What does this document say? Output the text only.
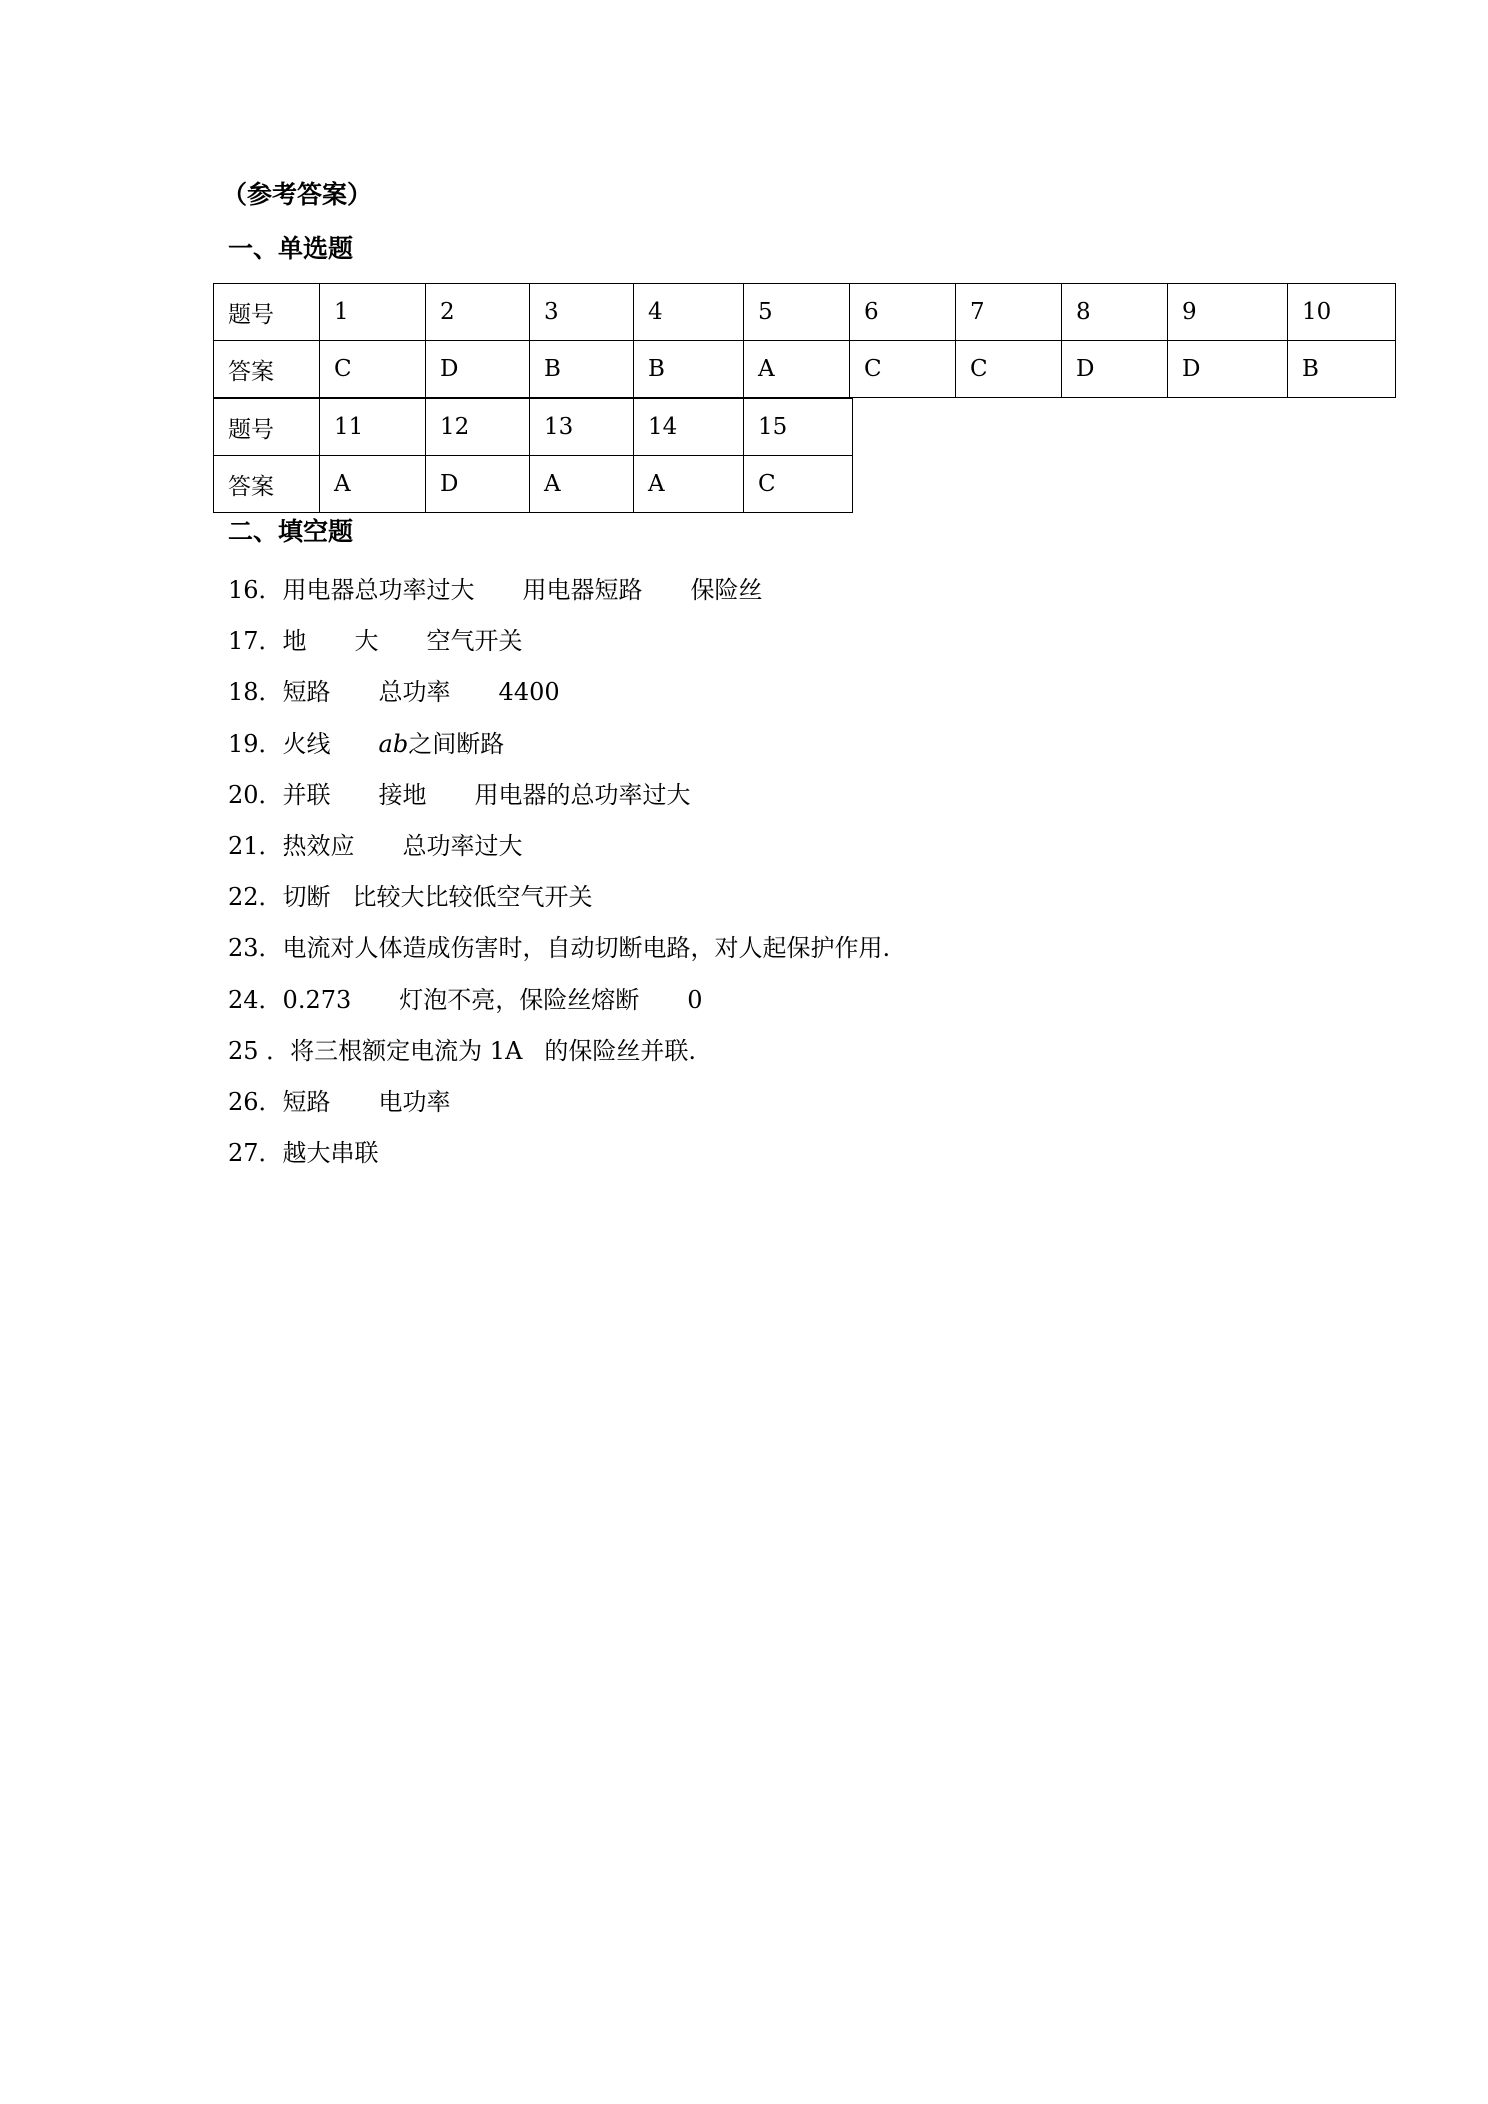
（参考答案）
一、单选题
题号	1	2	3	4	5	6	7	8	9	10
答案	C	D	B	B	A	C	C	D	D	B
题号	11	12	13	14	15
答案	A	D	A	A	C
二、填空题
16．用电器总功率过大 用电器短路 保险丝
17．地 大 空气开关
18．短路 总功率 4400
19．火线 ab之间断路
20．并联 接地 用电器的总功率过大
21．热效应 总功率过大
22．切断 比较大比较低空气开关
23．电流对人体造成伤害时，自动切断电路，对人起保护作用.
24．0.273 灯泡不亮，保险丝熔断 0
25 ．将三根额定电流为 1A 的保险丝并联.
26．短路 电功率
27．越大串联
